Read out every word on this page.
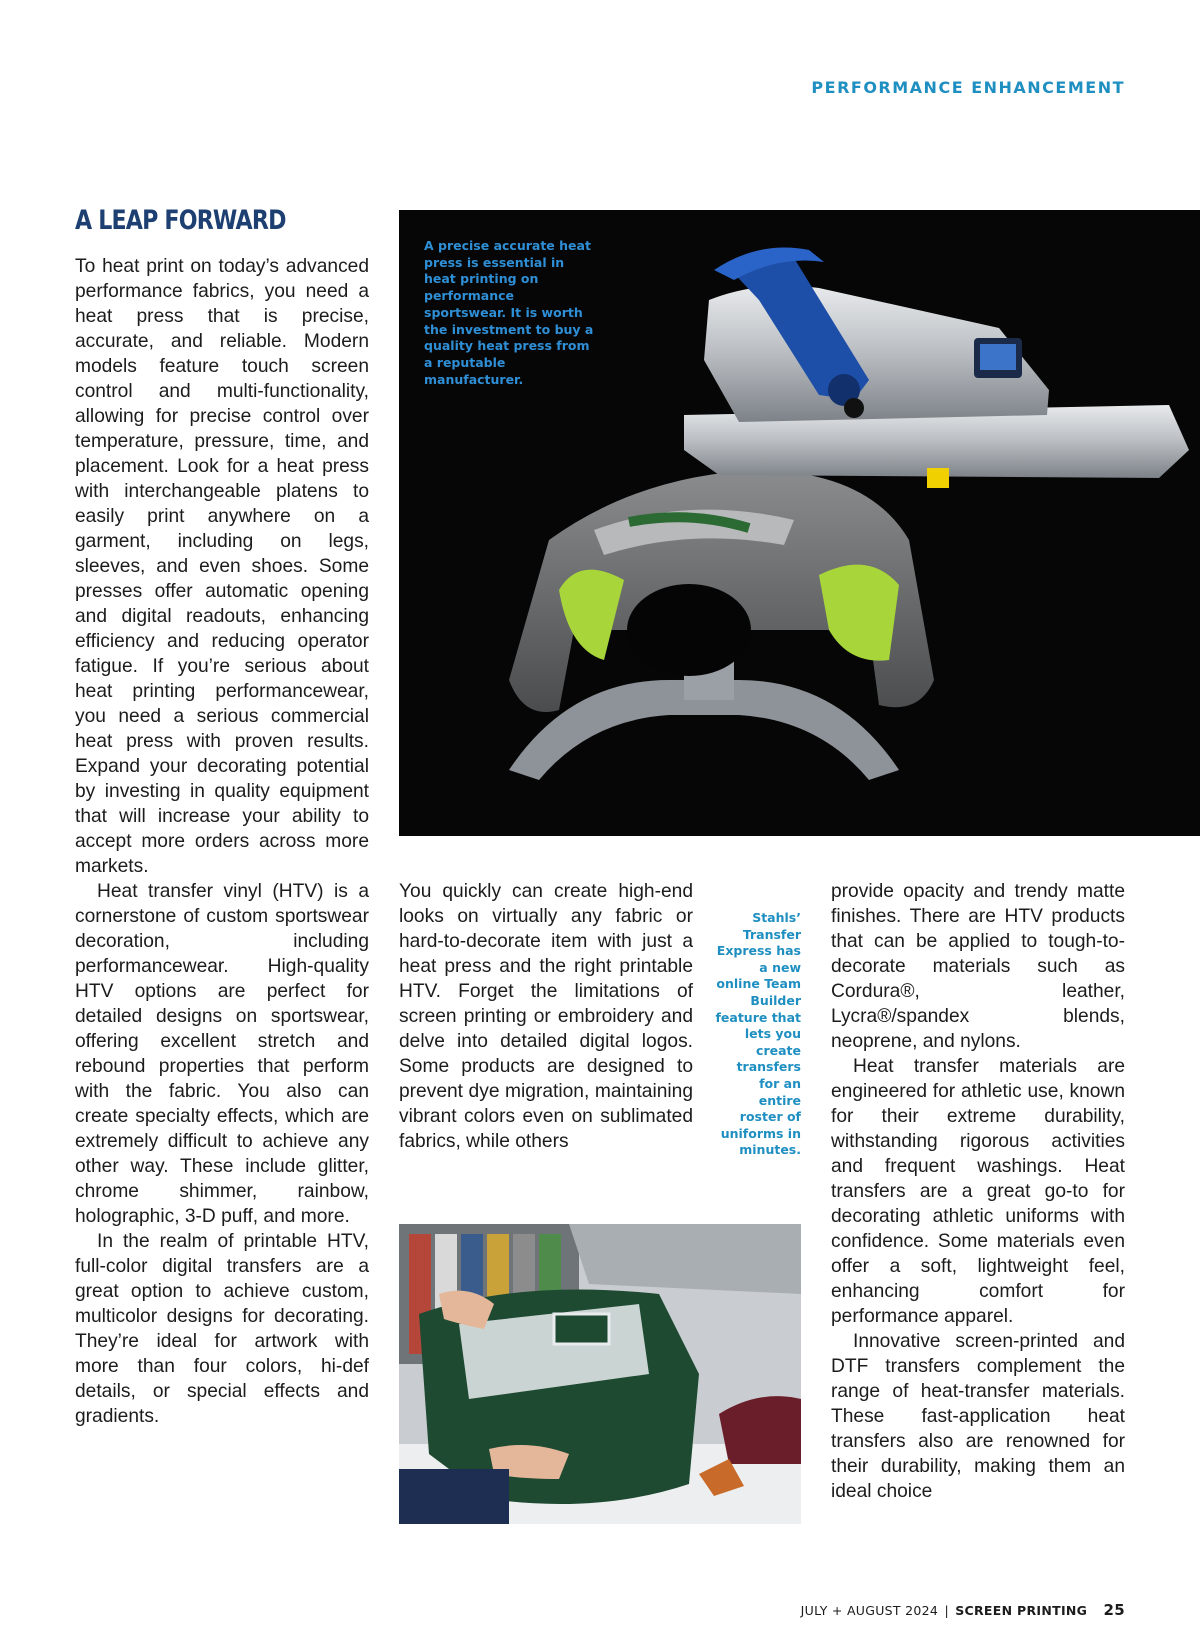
PERFORMANCE ENHANCEMENT
A LEAP FORWARD

To heat print on today’s advanced performance fabrics, you need a heat press that is precise, accurate, and reliable. Modern models feature touch screen control and multi-functionality, allowing for precise control over temperature, pressure, time, and placement. Look for a heat press with interchangeable platens to easily print anywhere on a garment, including on legs, sleeves, and even shoes. Some presses offer automatic opening and digital readouts, enhancing efficiency and reducing operator fatigue. If you’re serious about heat printing performancewear, you need a serious commercial heat press with proven results. Expand your decorating potential by investing in quality equipment that will increase your ability to accept more orders across more markets.

Heat transfer vinyl (HTV) is a cornerstone of custom sportswear decoration, including performancewear. High-quality HTV options are perfect for detailed designs on sportswear, offering excellent stretch and rebound properties that perform with the fabric. You also can create specialty effects, which are extremely difficult to achieve any other way. These include glitter, chrome shimmer, rainbow, holographic, 3-D puff, and more.

In the realm of printable HTV, full-color digital transfers are a great option to achieve custom, multicolor designs for decorating. They’re ideal for artwork with more than four colors, hi-def details, or special effects and gradients.

A precise accurate heat press is essential in heat printing on performance sportswear. It is worth the investment to buy a quality heat press from a reputable manufacturer.

You quickly can create high-end looks on virtually any fabric or hard-to-decorate item with just a heat press and the right printable HTV. Forget the limitations of screen printing or embroidery and delve into detailed digital logos. Some products are designed to prevent dye migration, maintaining vibrant colors even on sublimated fabrics, while others

Stahls’ Transfer Express has a new online Team Builder feature that lets you create transfers for an entire roster of uniforms in minutes.

provide opacity and trendy matte finishes. There are HTV products that can be applied to tough-to-decorate materials such as Cordura®, leather, Lycra®/spandex blends, neoprene, and nylons.

Heat transfer materials are engineered for athletic use, known for their extreme durability, withstanding rigorous activities and frequent washings. Heat transfers are a great go-to for decorating athletic uniforms with confidence. Some materials even offer a soft, lightweight feel, enhancing comfort for performance apparel.

Innovative screen-printed and DTF transfers complement the range of heat-transfer materials. These fast-application heat transfers also are renowned for their durability, making them an ideal choice

JULY + AUGUST 2024 | SCREEN PRINTING 25
